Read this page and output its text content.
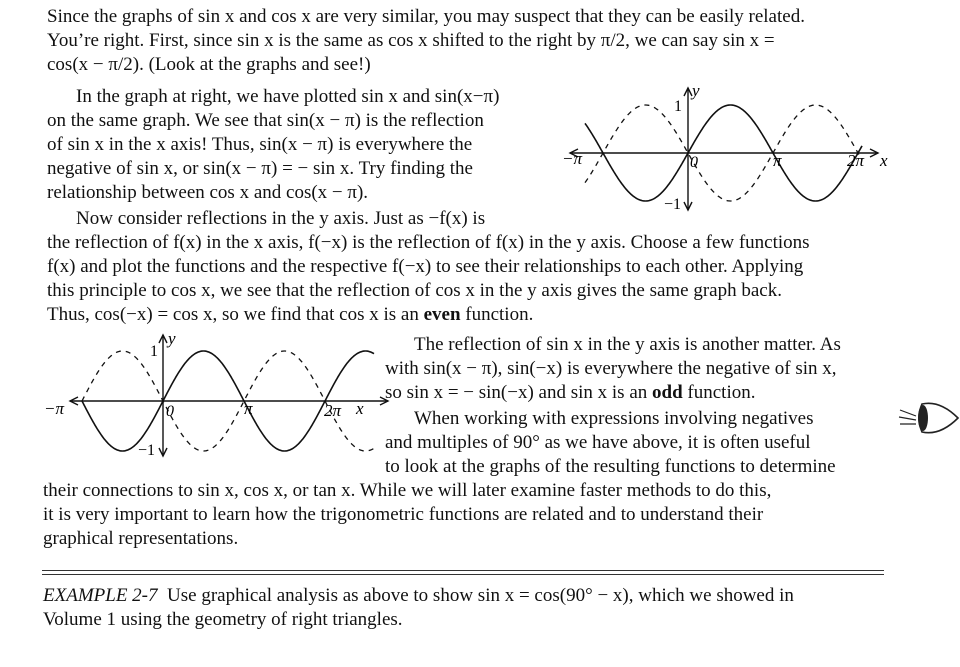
Since the graphs of sin x and cos x are very similar, you may suspect that they can be easily related.
You’re right. First, since sin x is the same as cos x shifted to the right by π/2, we can say sin x =
cos(x − π/2). (Look at the graphs and see!)
In the graph at right, we have plotted sin x and sin(x−π)
on the same graph. We see that sin(x − π) is the reflection
of sin x in the x axis! Thus, sin(x − π) is everywhere the
negative of sin x, or sin(x − π) = − sin x. Try finding the
relationship between cos x and cos(x − π).
Now consider reflections in the y axis. Just as −f(x) is
the reflection of f(x) in the x axis, f(−x) is the reflection of f(x) in the y axis. Choose a few functions
f(x) and plot the functions and the respective f(−x) to see their relationships to each other. Applying
this principle to cos x, we see that the reflection of cos x in the y axis gives the same graph back.
Thus, cos(−x) = cos x, so we find that cos x is an even function.
The reflection of sin x in the y axis is another matter. As
with sin(x − π), sin(−x) is everywhere the negative of sin x,
so sin x = − sin(−x) and sin x is an odd function.
When working with expressions involving negatives
and multiples of 90° as we have above, it is often useful
to look at the graphs of the resulting functions to determine
their connections to sin x, cos x, or tan x. While we will later examine faster methods to do this,
it is very important to learn how the trigonometric functions are related and to understand their
graphical representations.
EXAMPLE 2-7 Use graphical analysis as above to show sin x = cos(90° − x), which we showed in
Volume 1 using the geometry of right triangles.
−π	0	π	2π x
y
1
−1
−π	0	π	2π x
y
1
−1
